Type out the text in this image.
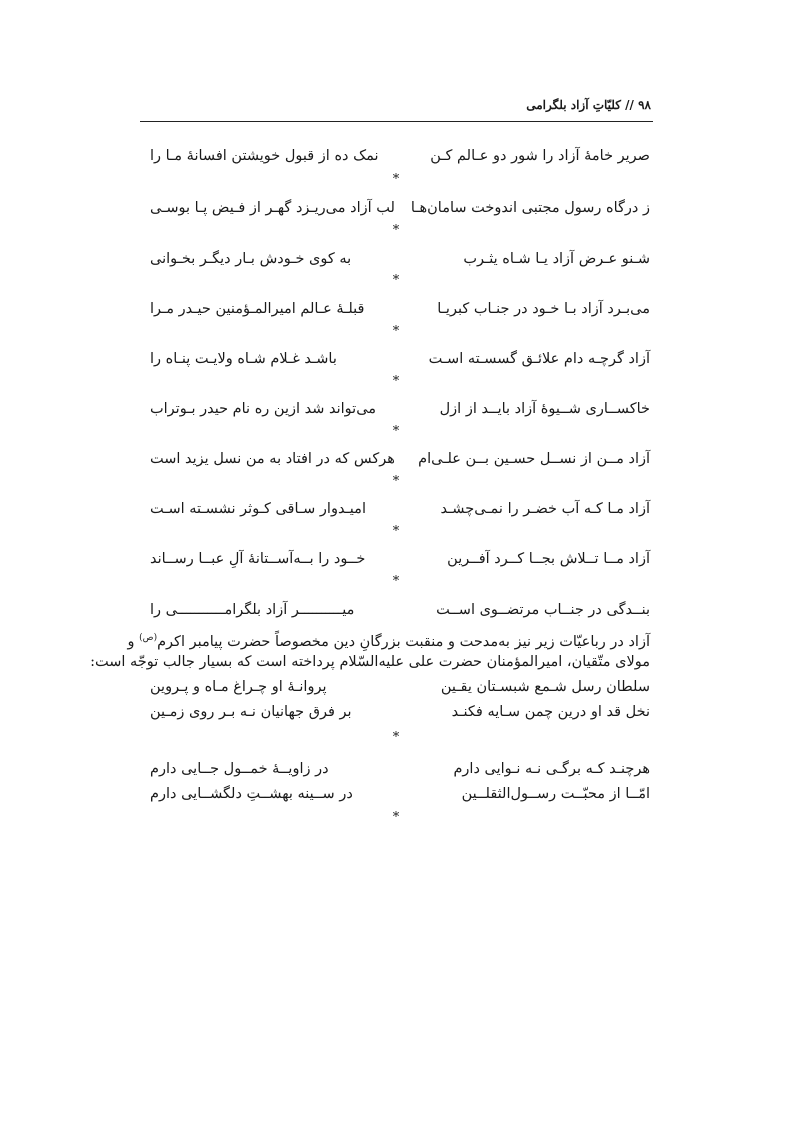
۹۸ // کلیّاتِ آزاد بلگرامی
صریر خامهٔ آزاد را شور دو عـالم کـن
نمک ده از قبول خویشتن افسانهٔ مـا را
*
ز درگاه رسول مجتبی اندوخت سامان‌هـا
لب آزاد می‌ریـزد گهـر از فـیض پـا بوسـی
*
شـنو عـرض آزاد یـا شـاه یثـرب
به کوی خـودش بـار دیگـر بخـوانی
*
می‌بـرد آزاد بـا خـود در جنـاب کبریـا
قبلـهٔ عـالم امیرالمـؤمنین حیـدر مـرا
*
آزاد گرچـه دام علائـق گسسـته اسـت
باشـد غـلام شـاه ولایـت پنـاه را
*
خاکســاری شــیوهٔ آزاد بایــد از ازل
می‌تواند شد ازین ره نام حیدر بـوتراب
*
آزاد مــن از نســل حسـین بــن علـی‌ام
هرکس که در افتاد به من نسل یزید است
*
آزاد مـا کـه آب خضـر را نمـی‌چشـد
امیـدوار سـاقی کـوثر نشسـته اسـت
*
آزاد مــا تــلاش بجــا کــرد آفــرین
خــود را بــه‌آســتانهٔ آلِ عبــا رســاند
*
بنــدگی در جنــاب مرتضــوی اســت
میــــــــــر آزاد بلگرامـــــــــــی را
آزاد در رباعیّات زیر نیز به‌مدحت و منقبت بزرگانِ دین مخصوصاً حضرت پیامبر اکرم$^{(ص)}$ و
مولای متّقیان، امیرالمؤمنان حضرت علی علیه‌السّلام پرداخته است که بسیار جالب توجّه است:
سلطان رسل شـمع شبسـتان یقـین
پروانـهٔ او چـراغ مـاه و پـروین
نخل قد او درین چمن سـایه فکنـد
بر فرق جهانیان نـه بـر روی زمـین
*
هرچنـد کـه برگـی نـه نـوایی دارم
در زاویــهٔ خمــول جــایی دارم
امّــا از محبّــت رســول‌الثقلــین
در ســینه بهشــتِ دلگشــایی دارم
*
